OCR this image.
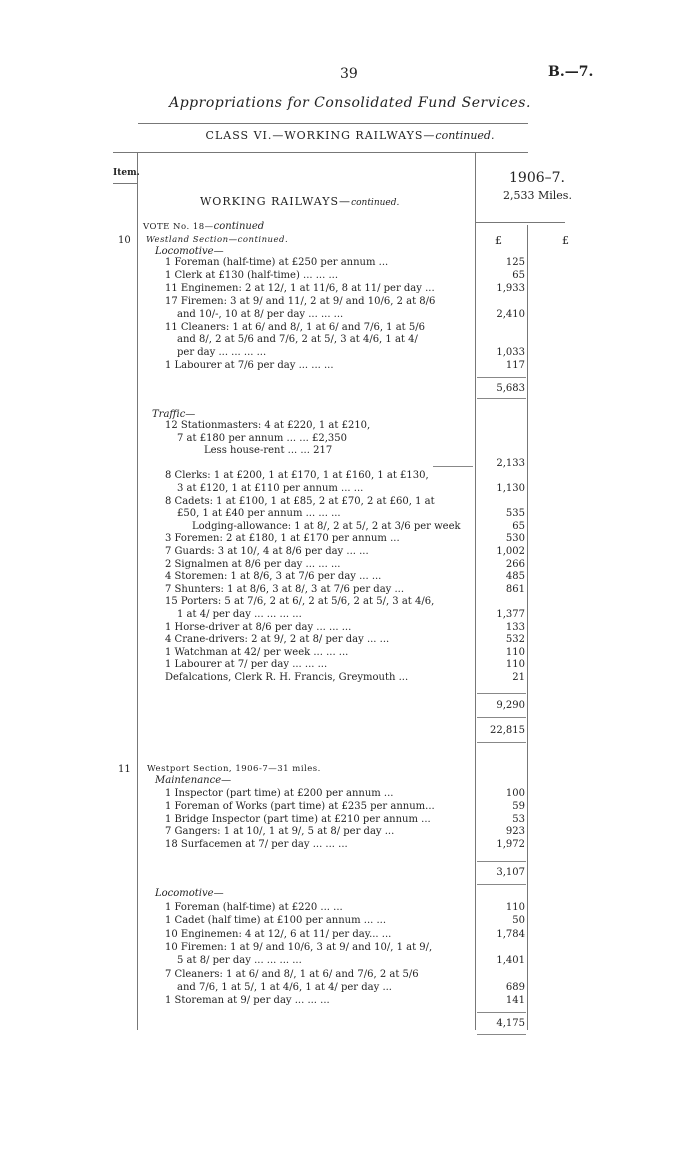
39	B.—7.
Appropriations for Consolidated Fund Services.
CLASS VI.—WORKING RAILWAYS—continued.
Item.	1906–7.
2,533 Miles.
WORKING RAILWAYS—continued.
VOTE No. 18—continued
10 Westland Section—continued.	£	£
Locomotive—
1 Foreman (half-time) at £250 per annum ...	125
1 Clerk at £130 (half-time) ... ... ...	65
11 Enginemen: 2 at 12/, 1 at 11/6, 8 at 11/ per day ...	1,933
17 Firemen: 3 at 9/ and 11/, 2 at 9/ and 10/6, 2 at 8/6
and 10/-, 10 at 8/ per day ... ... ...	2,410
11 Cleaners: 1 at 6/ and 8/, 1 at 6/ and 7/6, 1 at 5/6
and 8/, 2 at 5/6 and 7/6, 2 at 5/, 3 at 4/6, 1 at 4/
per day ... ... ... ...	1,033
1 Labourer at 7/6 per day ... ... ...	117
5,683
Traffic—
12 Stationmasters: 4 at £220, 1 at £210,
7 at £180 per annum ... ... £2,350
Less house-rent ... ... 217
2,133
8 Clerks: 1 at £200, 1 at £170, 1 at £160, 1 at £130,
3 at £120, 1 at £110 per annum ... ...	1,130
8 Cadets: 1 at £100, 1 at £85, 2 at £70, 2 at £60, 1 at
£50, 1 at £40 per annum ... ... ...	535
Lodging-allowance: 1 at 8/, 2 at 5/, 2 at 3/6 per week	65
3 Foremen: 2 at £180, 1 at £170 per annum ...	530
7 Guards: 3 at 10/, 4 at 8/6 per day ... ...	1,002
2 Signalmen at 8/6 per day ... ... ...	266
4 Storemen: 1 at 8/6, 3 at 7/6 per day ... ...	485
7 Shunters: 1 at 8/6, 3 at 8/, 3 at 7/6 per day ...	861
15 Porters: 5 at 7/6, 2 at 6/, 2 at 5/6, 2 at 5/, 3 at 4/6,
1 at 4/ per day ... ... ... ...	1,377
1 Horse-driver at 8/6 per day ... ... ...	133
4 Crane-drivers: 2 at 9/, 2 at 8/ per day ... ...	532
1 Watchman at 42/ per week ... ... ...	110
1 Labourer at 7/ per day ... ... ...	110
Defalcations, Clerk R. H. Francis, Greymouth ...	21
9,290
22,815
11 Westport Section, 1906-7—31 miles.
Maintenance—
1 Inspector (part time) at £200 per annum ...	100
1 Foreman of Works (part time) at £235 per annum...	59
1 Bridge Inspector (part time) at £210 per annum ...	53
7 Gangers: 1 at 10/, 1 at 9/, 5 at 8/ per day ...	923
18 Surfacemen at 7/ per day ... ... ...	1,972
3,107
Locomotive—
1 Foreman (half-time) at £220 ... ...	110
1 Cadet (half time) at £100 per annum ... ...	50
10 Enginemen: 4 at 12/, 6 at 11/ per day... ...	1,784
10 Firemen: 1 at 9/ and 10/6, 3 at 9/ and 10/, 1 at 9/,
5 at 8/ per day ... ... ... ...	1,401
7 Cleaners: 1 at 6/ and 8/, 1 at 6/ and 7/6, 2 at 5/6
and 7/6, 1 at 5/, 1 at 4/6, 1 at 4/ per day ...	689
1 Storeman at 9/ per day ... ... ...	141
4,175
